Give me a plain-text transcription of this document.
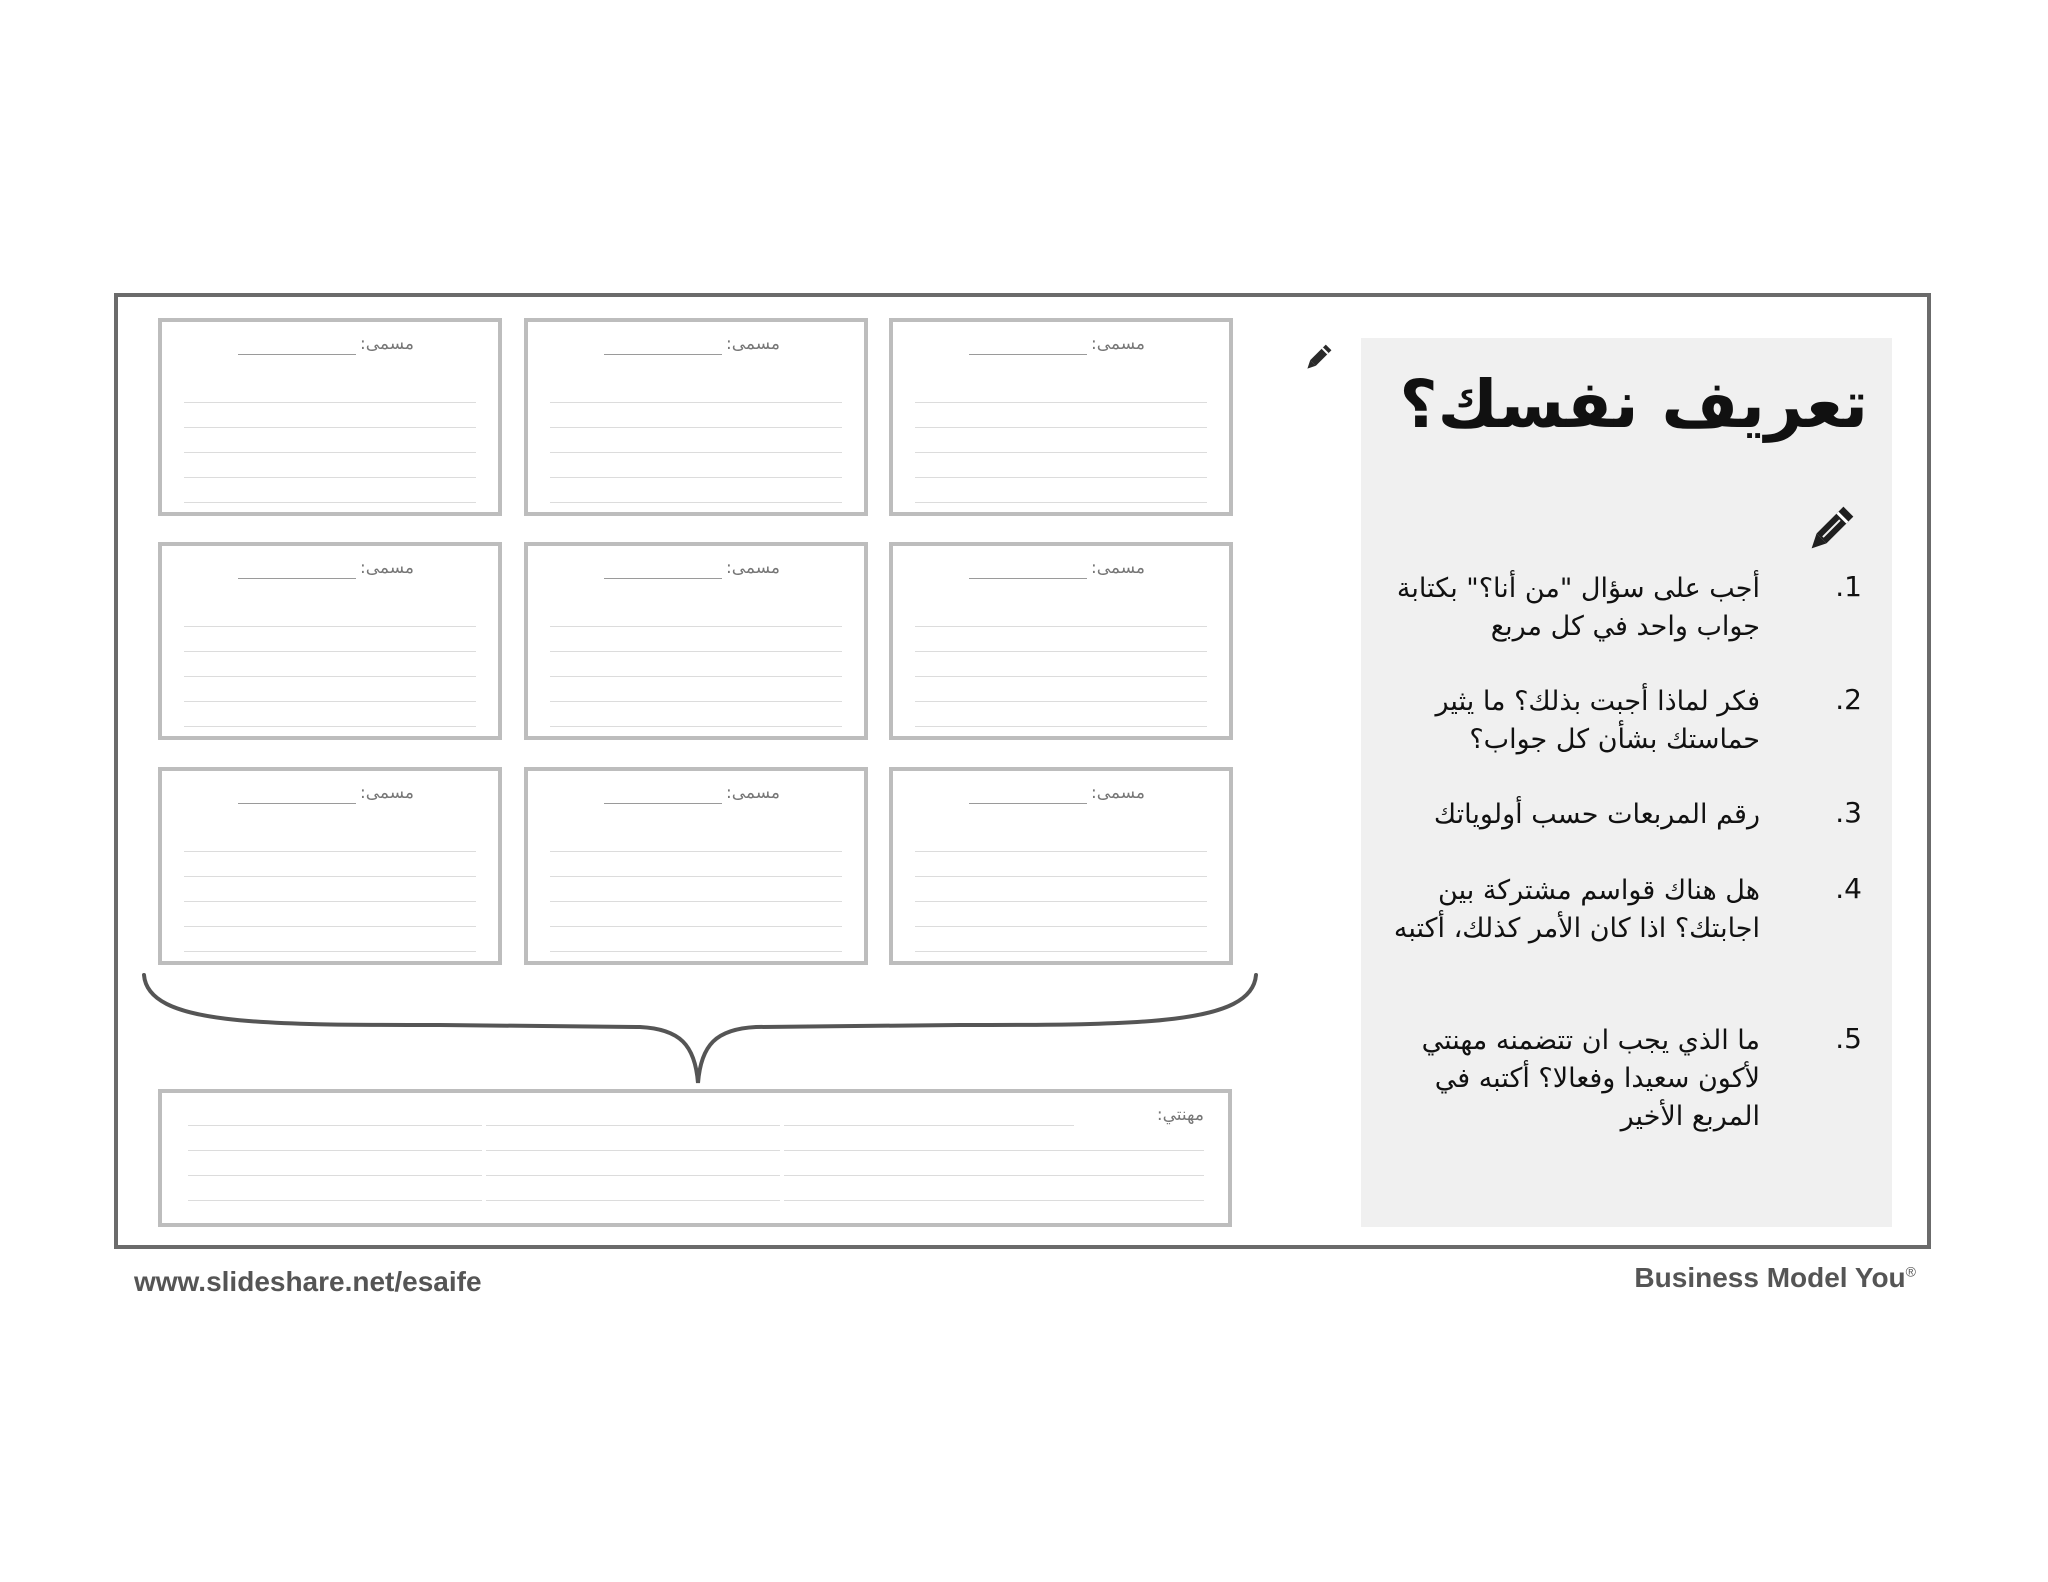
مسمى:	مسمى:	مسمى:
مسمى:	مسمى:	مسمى:
مسمى:	مسمى:	مسمى:
مهنتي:
تعريف نفسك؟
.1
أجب على سؤال "من أنا؟" بكتابة جواب واحد في كل مربع
.2
فكر لماذا أجبت بذلك؟ ما يثير حماستك بشأن كل جواب؟
.3
رقم المربعات حسب أولوياتك
.4
هل هناك قواسم مشتركة بين اجابتك؟ اذا كان الأمر كذلك، أكتبه
.5
ما الذي يجب ان تتضمنه مهنتي لأكون سعيدا وفعالا؟ أكتبه في المربع الأخير
www.slideshare.net/esaife	Business Model You®
